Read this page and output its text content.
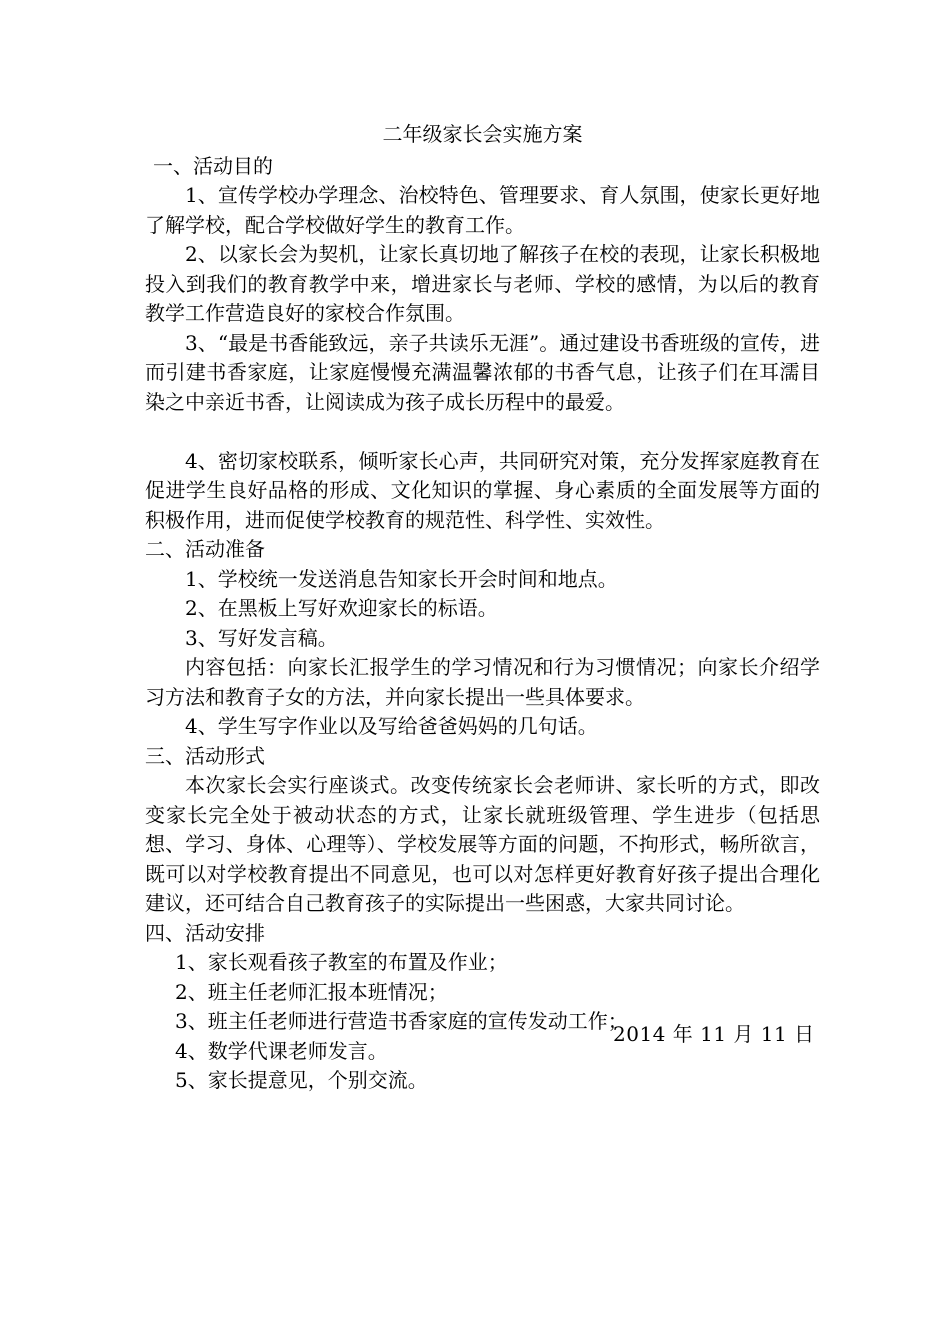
二年级家长会实施方案

一、活动目的

1、宣传学校办学理念、治校特色、管理要求、育人氛围，使家长更好地了解学校，配合学校做好学生的教育工作。

2、以家长会为契机，让家长真切地了解孩子在校的表现，让家长积极地投入到我们的教育教学中来，增进家长与老师、学校的感情，为以后的教育教学工作营造良好的家校合作氛围。

3、“最是书香能致远，亲子共读乐无涯”。通过建设书香班级的宣传，进而引建书香家庭，让家庭慢慢充满温馨浓郁的书香气息，让孩子们在耳濡目染之中亲近书香，让阅读成为孩子成长历程中的最爱。

4、密切家校联系，倾听家长心声，共同研究对策，充分发挥家庭教育在促进学生良好品格的形成、文化知识的掌握、身心素质的全面发展等方面的积极作用，进而促使学校教育的规范性、科学性、实效性。

二、活动准备

1、学校统一发送消息告知家长开会时间和地点。

2、在黑板上写好欢迎家长的标语。

3、写好发言稿。

内容包括：向家长汇报学生的学习情况和行为习惯情况；向家长介绍学习方法和教育子女的方法，并向家长提出一些具体要求。

4、学生写字作业以及写给爸爸妈妈的几句话。

三、活动形式

本次家长会实行座谈式。改变传统家长会老师讲、家长听的方式，即改变家长完全处于被动状态的方式，让家长就班级管理、学生进步（包括思想、学习、身体、心理等）、学校发展等方面的问题，不拘形式，畅所欲言，既可以对学校教育提出不同意见，也可以对怎样更好教育好孩子提出合理化建议，还可结合自己教育孩子的实际提出一些困惑，大家共同讨论。

四、活动安排

1、家长观看孩子教室的布置及作业；

2、班主任老师汇报本班情况；

3、班主任老师进行营造书香家庭的宣传发动工作；

4、数学代课老师发言。

5、家长提意见，个别交流。

2014 年 11 月 11 日
